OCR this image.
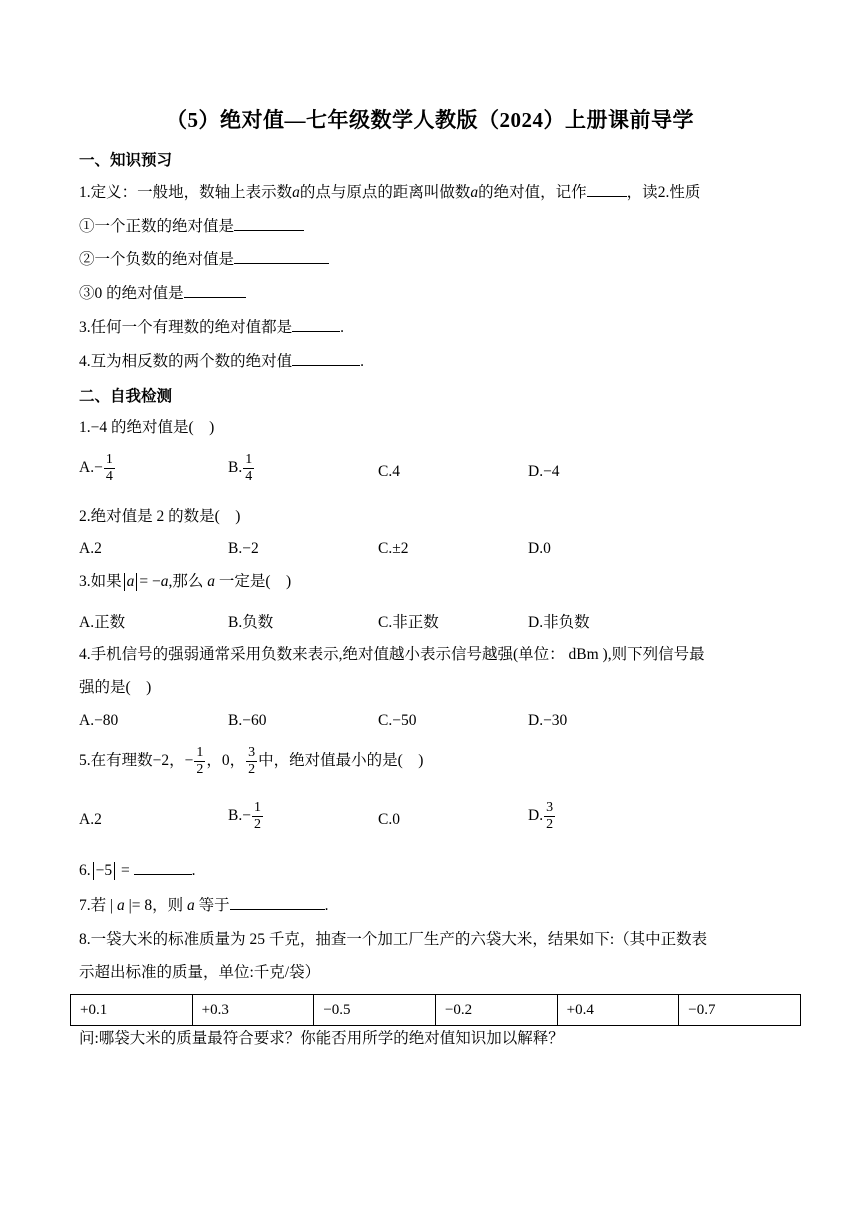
（5）绝对值—七年级数学人教版（2024）上册课前导学
一、知识预习
1.定义：一般地，数轴上表示数a的点与原点的距离叫做数a的绝对值，记作	，读2.性质
①一个正数的绝对值是
②一个负数的绝对值是
③0 的绝对值是
3.任何一个有理数的绝对值都是	.
4.互为相反数的两个数的绝对值	.
二、自我检测
1.−4 的绝对值是(　)
$A.- \frac{1}{4}$	B. $\frac{1}{4}$	C.4	D.−4
2.绝对值是 2 的数是(　)
A.2	B.−2	C.±2	D.0
3.如果 a = −a,那么 a 一定是(　)
A.正数	B.负数	C.非正数	D.非负数
4.手机信号的强弱通常采用负数来表示,绝对值越小表示信号越强(单位： dBm ),则下列信号最
强的是(　)
A.−80	B.−60	C.−50	D.−30
5.在有理数−2，− $\frac{1}{2}$ ，0， $\frac{3}{2}$ 中，绝对值最小的是(　)
A.2	$B.- \frac{1}{2}$	C.0	D. $\frac{3}{2}$
6. −5 =	.
7.若 | a |= 8，则 a 等于	.
8.一袋大米的标准质量为 25 千克，抽查一个加工厂生产的六袋大米，结果如下:（其中正数表
示超出标准的质量，单位:千克/袋）
+0.1	+0.3	−0.5	−0.2	+0.4	−0.7
问:哪袋大米的质量最符合要求？你能否用所学的绝对值知识加以解释？
